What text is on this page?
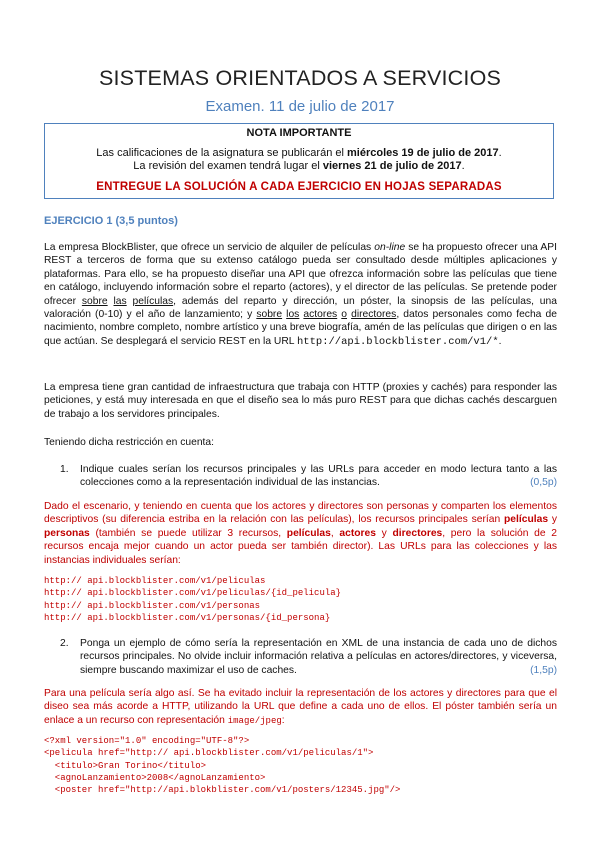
SISTEMAS ORIENTADOS A SERVICIOS
Examen. 11 de julio de 2017
NOTA IMPORTANTE
Las calificaciones de la asignatura se publicarán el miércoles 19 de julio de 2017.
La revisión del examen tendrá lugar el viernes 21 de julio de 2017.
ENTREGUE LA SOLUCIÓN A CADA EJERCICIO EN HOJAS SEPARADAS
EJERCICIO 1 (3,5 puntos)
La empresa BlockBlister, que ofrece un servicio de alquiler de películas on-line se ha propuesto ofrecer una API REST a terceros de forma que su extenso catálogo pueda ser consultado desde múltiples aplicaciones y plataformas. Para ello, se ha propuesto diseñar una API que ofrezca información sobre las películas que tiene en catálogo, incluyendo información sobre el reparto (actores), y el director de las películas. Se pretende poder ofrecer sobre las películas, además del reparto y dirección, un póster, la sinopsis de las películas, una valoración (0-10) y el año de lanzamiento; y sobre los actores o directores, datos personales como fecha de nacimiento, nombre completo, nombre artístico y una breve biografía, amén de las películas que dirigen o en las que actúan. Se desplegará el servicio REST en la URL http://api.blockblister.com/v1/*.
La empresa tiene gran cantidad de infraestructura que trabaja con HTTP (proxies y cachés) para responder las peticiones, y está muy interesada en que el diseño sea lo más puro REST para que dichas cachés descarguen de trabajo a los servidores principales.
Teniendo dicha restricción en cuenta:
1. Indique cuales serían los recursos principales y las URLs para acceder en modo lectura tanto a las colecciones como a la representación individual de las instancias.	(0,5p)
Dado el escenario, y teniendo en cuenta que los actores y directores son personas y comparten los elementos descriptivos (su diferencia estriba en la relación con las películas), los recursos principales serían películas y personas (también se puede utilizar 3 recursos, películas, actores y directores, pero la solución de 2 recursos encaja mejor cuando un actor pueda ser también director). Las URLs para las colecciones y las instancias individuales serían:
http:// api.blockblister.com/v1/peliculas
http:// api.blockblister.com/v1/peliculas/{id_pelicula}
http:// api.blockblister.com/v1/personas
http:// api.blockblister.com/v1/personas/{id_persona}
2. Ponga un ejemplo de cómo sería la representación en XML de una instancia de cada uno de dichos recursos principales. No olvide incluir información relativa a películas en actores/directores, y viceversa, siempre buscando maximizar el uso de caches.	(1,5p)
Para una película sería algo así. Se ha evitado incluir la representación de los actores y directores para que el diseo sea más acorde a HTTP, utilizando la URL que define a cada uno de ellos. El póster también sería un enlace a un recurso con representación image/jpeg:
<?xml version="1.0" encoding="UTF-8"?>
<pelicula href="http:// api.blockblister.com/v1/peliculas/1">
<titulo>Gran Torino</titulo>
<agnoLanzamiento>2008</agnoLanzamiento>
<poster href="http://api.blokblister.com/v1/posters/12345.jpg"/>
